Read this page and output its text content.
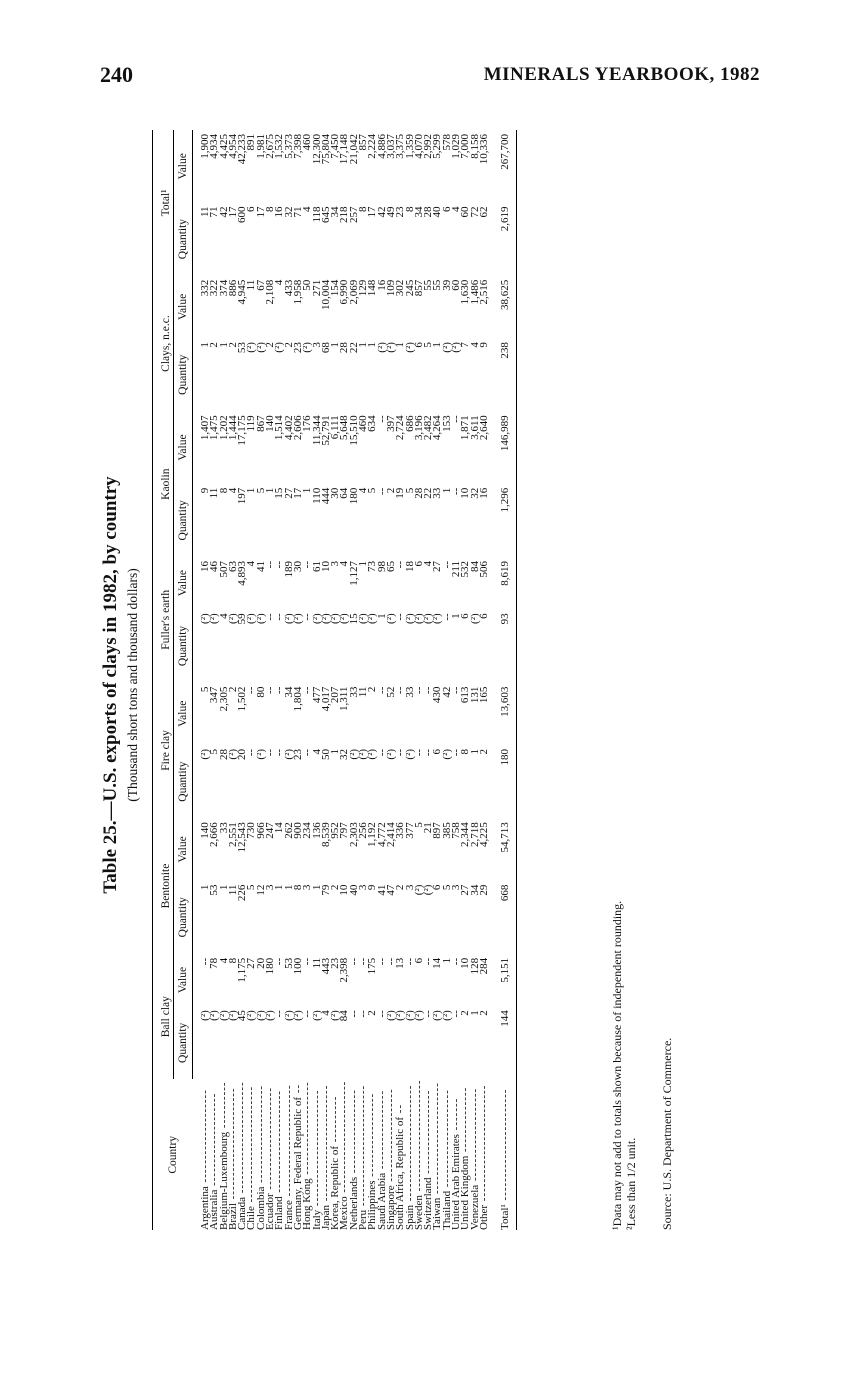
240	MINERALS YEARBOOK, 1982
Table 25.—U.S. exports of clays in 1982, by country (Thousand short tons and thousand dollars)
Country	Ball clay		Bentonite		Fire clay		Fuller's earth		Kaolin		Clays, n.e.c.		Total¹	
	Quantity	Value	Quantity	Value	Quantity	Value	Quantity	Value	Quantity	Value	Quantity	Value	Quantity	Value
Argentina --------------------	(²)	--	1	140	(²)	5	(²)	16	9	1,407	1	332	11	1,900
Australia --------------------	(²)	78	53	2,666	5	347	(²)	46	11	1,475	2	322	71	4,934
Belgium-Luxembourg ----------	(²)	4	1	33	28	2,305	4	507	8	1,202	1	374	42	4,425
Brazil ------------------------	(²)	8	11	2,551	(²)	2	(²)	63	4	1,444	2	886	17	4,954
Canada ------------------------	45	1,175	226	12,543	20	1,502	59	4,893	197	17,175	53	4,945	600	42,233
Chile -------------------------	(²)	27	5	730	--	--	(²)	4	1	119	(²)	11	6	891
Colombia ---------------------	(²)	20	12	966	(²)	80	(²)	41	5	867	(²)	67	17	1,981
Ecuador ----------------------	(²)	180	3	247	--	--	--	--	1	140	2	2,108	8	2,675
Finland ----------------------	--	--	1	14	--	--	--	--	15	1,514	(²)	4	16	1,532
France ------------------------	(²)	53	1	262	(²)	34	(²)	189	27	4,402	2	433	32	5,373
Germany, Federal Republic of --	(²)	100	8	900	23	1,804	(²)	30	17	2,606	23	1,958	71	7,398
Hong Kong --------------------	--	--	3	234	--	--	--	--	1	176	(²)	50	4	460
Italy -------------------------	(²)	11	1	136	4	477	(²)	61	110	11,344	3	271	118	12,300
Japan -------------------------	4	443	79	8,539	50	4,017	(²)	10	444	52,791	68	10,004	645	75,804
Korea, Republic of ----------	(²)	23	2	952	1	207	(²)	3	30	6,111	1	154	34	7,450
Mexico ------------------------	84	2,398	10	797	32	1,311	(²)	4	64	5,648	28	6,990	218	17,148
Netherlands ------------------	--	--	40	2,303	(²)	33	15	1,127	180	15,510	22	2,069	257	21,042
Peru --------------------------	--	--	3	256	(²)	11	(²)	1	4	460	1	129	8	857
Philippines ------------------	2	175	9	1,192	(²)	2	(²)	73	5	634	1	148	17	2,224
Saudi Arabia -----------------	--	--	41	4,772	--	--	1	98	--	--	(²)	16	42	4,886
Singapore --------------------	(²)	--	47	2,414	(²)	52	(²)	65	2	397	(²)	109	49	3,037
South Africa, Republic of --	(²)	13	2	336	--	--	--	--	19	2,724	1	302	23	3,375
Spain -------------------------	(²)	--	3	377	(²)	33	(²)	18	5	686	(²)	245	8	1,359
Sweden ------------------------	(²)	6	(²)	5	--	--	(²)	6	28	3,196	6	857	34	4,070
Switzerland ------------------	--	--	(²)	21	--	--	(²)	4	22	2,482	5	55	28	2,992
Taiwan ------------------------	(²)	14	6	897	6	430	(²)	27	33	4,264	1	55	40	5,299
Thailand ---------------------	(²)	1	5	385	(²)	42	--	--	1	153	(²)	39	6	578
United Arab Emirates -------	--	--	3	758	--	--	1	211	--	--	(²)	60	4	1,029
United Kingdom --------------	2	10	27	2,344	8	613	6	532	10	1,871	7	1,630	60	7,000
Venezuela --------------------	1	128	34	2,718	1	131	(²)	84	32	3,611	4	1,486	72	8,158
Other -------------------------	2	284	29	4,225	2	165	6	506	16	2,640	9	2,516	62	10,336

Total¹ ------------------------	144	5,151	668	54,713	180	13,603	93	8,619	1,296	146,989	238	38,625	2,619	267,700
¹Data may not add to totals shown because of independent rounding. ²Less than 1/2 unit. Source: U.S. Department of Commerce.
